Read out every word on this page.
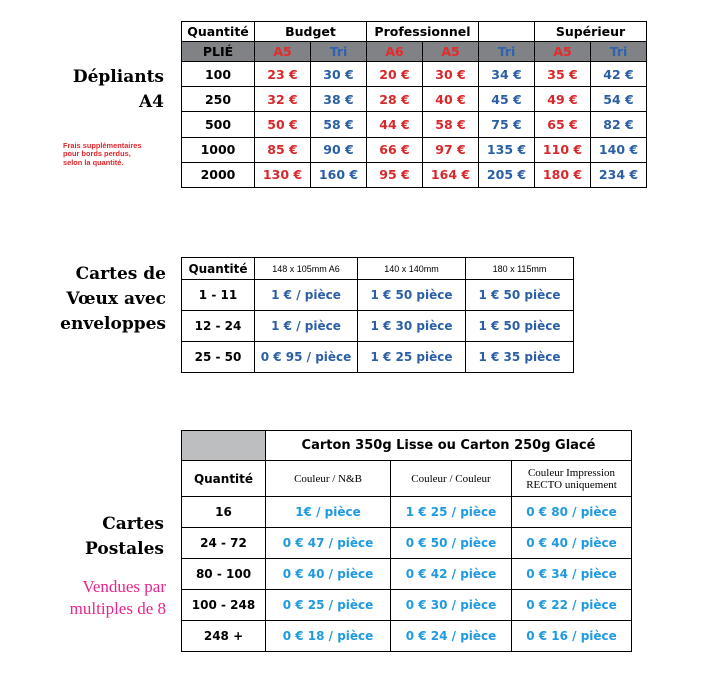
Dépliants
A4
Frais supplémentaires
pour bords perdus,
selon la quantité.
Quantité	Budget		Professionnel			Supérieur	
PLIÉ	A5	Tri	A6	A5	Tri	A5	Tri
100	23 €	30 €	20 €	30 €	34 €	35 €	42 €
250	32 €	38 €	28 €	40 €	45 €	49 €	54 €
500	50 €	58 €	44 €	58 €	75 €	65 €	82 €
1000	85 €	90 €	66 €	97 €	135 €	110 €	140 €
2000	130 €	160 €	95 €	164 €	205 €	180 €	234 €
Cartes de
Vœux avec
enveloppes
Quantité	148 x 105mm A6	140 x 140mm	180 x 115mm
1 - 11	1 € / pièce	1 € 50 pièce	1 € 50 pièce
12 - 24	1 € / pièce	1 € 30 pièce	1 € 50 pièce
25 - 50	0 € 95 / pièce	1 € 25 pièce	1 € 35 pièce
Cartes
Postales
Vendues par
multiples de 8
	Carton 350g Lisse ou Carton 250g Glacé		
Quantité	Couleur / N&B	Couleur / Couleur	Couleur Impression
RECTO uniquement

16	1€ / pièce	1 € 25 / pièce	0 € 80 / pièce
24 - 72	0 € 47 / pièce	0 € 50 / pièce	0 € 40 / pièce
80 - 100	0 € 40 / pièce	0 € 42 / pièce	0 € 34 / pièce
100 - 248	0 € 25 / pièce	0 € 30 / pièce	0 € 22 / pièce
248 +	0 € 18 / pièce	0 € 24 / pièce	0 € 16 / pièce
